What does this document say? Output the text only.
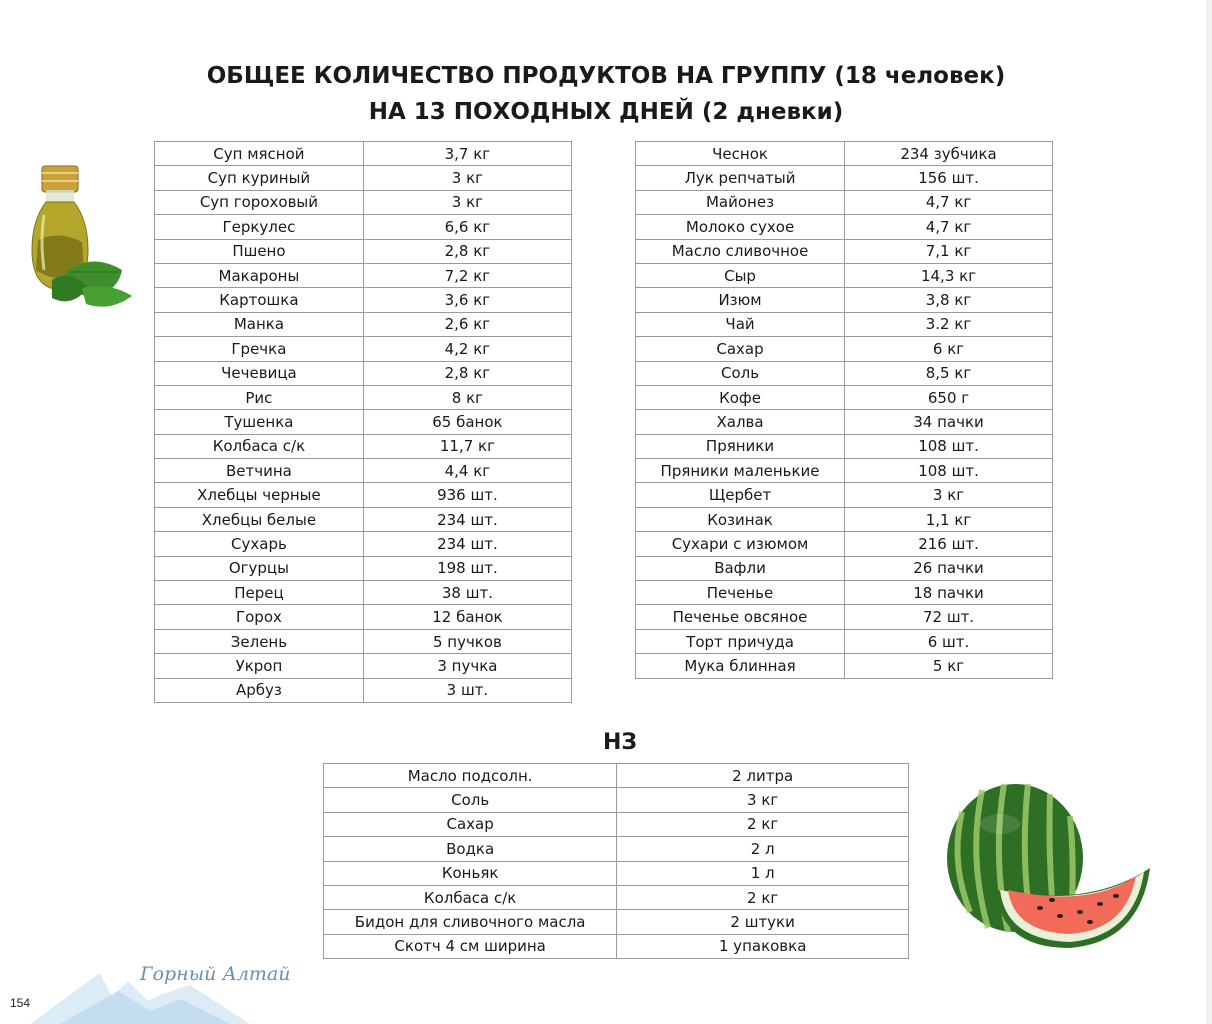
ОБЩЕЕ КОЛИЧЕСТВО ПРОДУКТОВ НА ГРУППУ (18 человек)
НА 13 ПОХОДНЫХ ДНЕЙ (2 дневки)
Суп мясной	3,7 кг
Суп куриный	3 кг
Суп гороховый	3 кг
Геркулес	6,6 кг
Пшено	2,8 кг
Макароны	7,2 кг
Картошка	3,6 кг
Манка	2,6 кг
Гречка	4,2 кг
Чечевица	2,8 кг
Рис	8 кг
Тушенка	65 банок
Колбаса с/к	11,7 кг
Ветчина	4,4 кг
Хлебцы черные	936 шт.
Хлебцы белые	234 шт.
Сухарь	234 шт.
Огурцы	198 шт.
Перец	38 шт.
Горох	12 банок
Зелень	5 пучков
Укроп	3 пучка
Арбуз	3 шт.
Чеснок	234 зубчика
Лук репчатый	156 шт.
Майонез	4,7 кг
Молоко сухое	4,7 кг
Масло сливочное	7,1 кг
Сыр	14,3 кг
Изюм	3,8 кг
Чай	3.2 кг
Сахар	6 кг
Соль	8,5 кг
Кофе	650 г
Халва	34 пачки
Пряники	108 шт.
Пряники маленькие	108 шт.
Щербет	3 кг
Козинак	1,1 кг
Сухари с изюмом	216 шт.
Вафли	26 пачки
Печенье	18 пачки
Печенье овсяное	72 шт.
Торт причуда	6 шт.
Мука блинная	5 кг
НЗ
Масло подсолн.	2 литра
Соль	3 кг
Сахар	2 кг
Водка	2 л
Коньяк	1 л
Колбаса с/к	2 кг
Бидон для сливочного масла	2 штуки
Скотч 4 см ширина	1 упаковка
Горный Алтай
154
